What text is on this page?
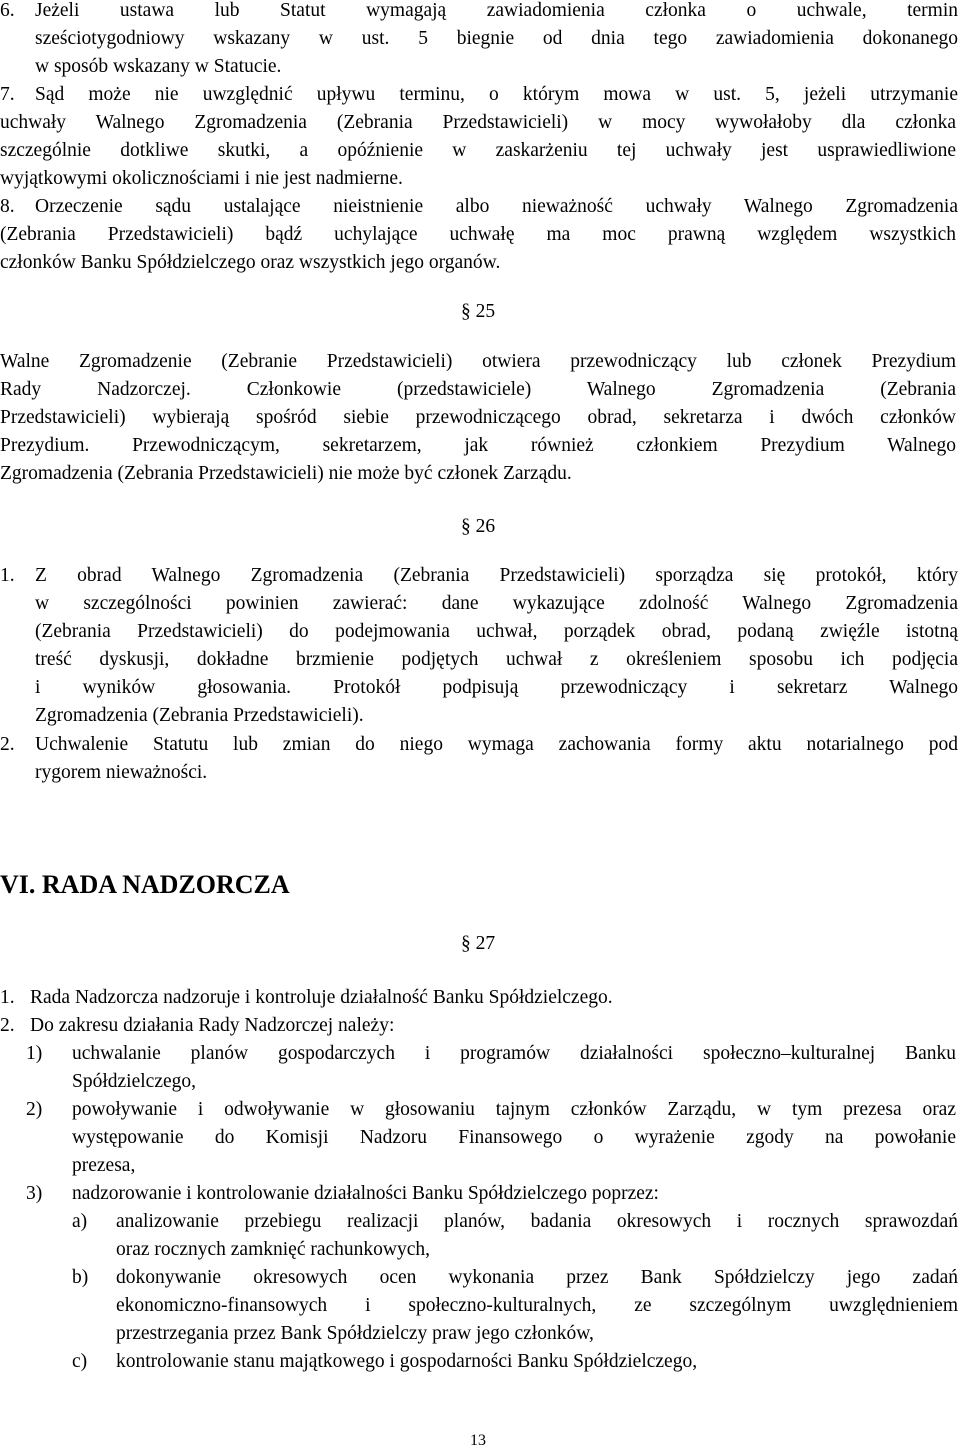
6. Jeżeli ustawa lub Statut wymagają zawiadomienia członka o uchwale, termin

sześciotygodniowy wskazany w ust. 5 biegnie od dnia tego zawiadomienia dokonanego

w sposób wskazany w Statucie.

7. Sąd może nie uwzględnić upływu terminu, o którym mowa w ust. 5, jeżeli utrzymanie

uchwały Walnego Zgromadzenia (Zebrania Przedstawicieli) w mocy wywołałoby dla członka

szczególnie dotkliwe skutki, a opóźnienie w zaskarżeniu tej uchwały jest usprawiedliwione

wyjątkowymi okolicznościami i nie jest nadmierne.

8. Orzeczenie sądu ustalające nieistnienie albo nieważność uchwały Walnego Zgromadzenia

(Zebrania Przedstawicieli) bądź uchylające uchwałę ma moc prawną względem wszystkich

członków Banku Spółdzielczego oraz wszystkich jego organów.

§ 25

Walne Zgromadzenie (Zebranie Przedstawicieli) otwiera przewodniczący lub członek Prezydium

Rady Nadzorczej. Członkowie (przedstawiciele) Walnego Zgromadzenia (Zebrania

Przedstawicieli) wybierają spośród siebie przewodniczącego obrad, sekretarza i dwóch członków

Prezydium. Przewodniczącym, sekretarzem, jak również członkiem Prezydium Walnego

Zgromadzenia (Zebrania Przedstawicieli) nie może być członek Zarządu.

§ 26
1. Z obrad Walnego Zgromadzenia (Zebrania Przedstawicieli) sporządza się protokół, który

w szczególności powinien zawierać: dane wykazujące zdolność Walnego Zgromadzenia

(Zebrania Przedstawicieli) do podejmowania uchwał, porządek obrad, podaną zwięźle istotną

treść dyskusji, dokładne brzmienie podjętych uchwał z określeniem sposobu ich podjęcia

i wyników głosowania. Protokół podpisują przewodniczący i sekretarz Walnego

Zgromadzenia (Zebrania Przedstawicieli).

2. Uchwalenie Statutu lub zmian do niego wymaga zachowania formy aktu notarialnego pod

rygorem nieważności.

VI. RADA NADZORCZA
§ 27
1. Rada Nadzorcza nadzoruje i kontroluje działalność Banku Spółdzielczego.

2. Do zakresu działania Rady Nadzorczej należy:

1) uchwalanie planów gospodarczych i programów działalności społeczno–kulturalnej Banku

Spółdzielczego,

2) powoływanie i odwoływanie w głosowaniu tajnym członków Zarządu, w tym prezesa oraz

występowanie do Komisji Nadzoru Finansowego o wyrażenie zgody na powołanie

prezesa,

3) nadzorowanie i kontrolowanie działalności Banku Spółdzielczego poprzez:

a) analizowanie przebiegu realizacji planów, badania okresowych i rocznych sprawozdań

oraz rocznych zamknięć rachunkowych,

b) dokonywanie okresowych ocen wykonania przez Bank Spółdzielczy jego zadań

ekonomiczno-finansowych i społeczno-kulturalnych, ze szczególnym uwzględnieniem

przestrzegania przez Bank Spółdzielczy praw jego członków,

c) kontrolowanie stanu majątkowego i gospodarności Banku Spółdzielczego,

13
